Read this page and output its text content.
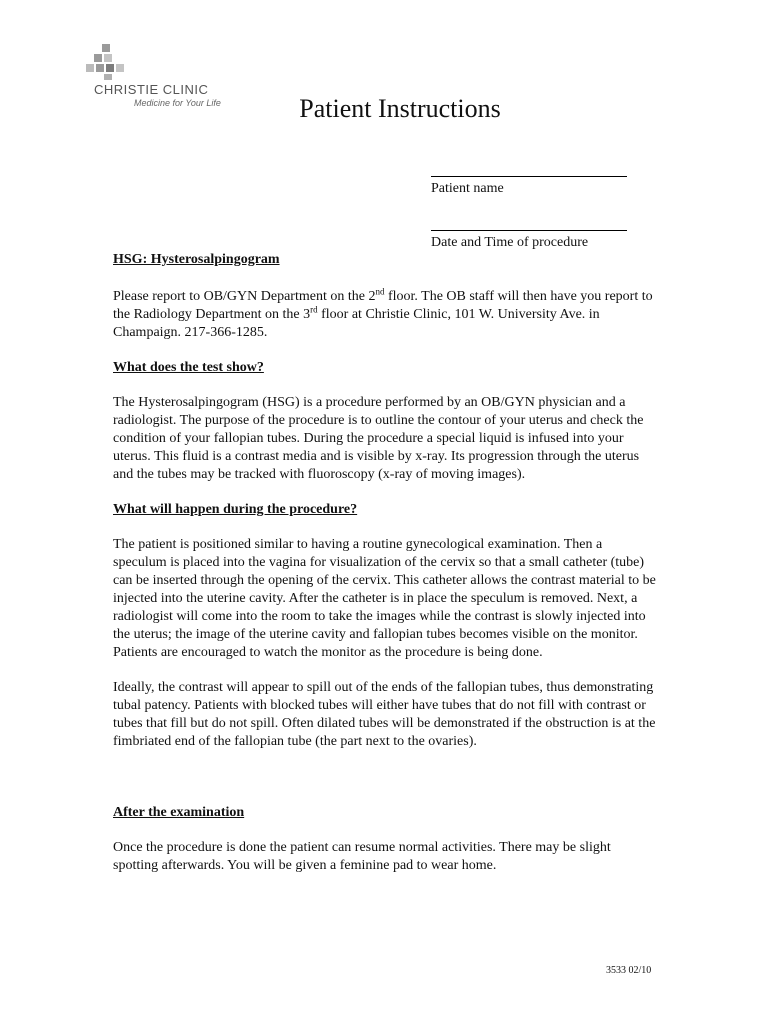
CHRISTIE CLINIC
Medicine for Your Life	Patient Instructions
Patient name
Date and Time of procedure
HSG: Hysterosalpingogram

Please report to OB/GYN Department on the 2nd floor. The OB staff will then have you report to the Radiology Department on the 3rd floor at Christie Clinic, 101 W. University Ave. in Champaign. 217-366-1285.

What does the test show?

The Hysterosalpingogram (HSG) is a procedure performed by an OB/GYN physician and a radiologist. The purpose of the procedure is to outline the contour of your uterus and check the condition of your fallopian tubes. During the procedure a special liquid is infused into your uterus. This fluid is a contrast media and is visible by x-ray. Its progression through the uterus and the tubes may be tracked with fluoroscopy (x-ray of moving images).

What will happen during the procedure?

The patient is positioned similar to having a routine gynecological examination. Then a speculum is placed into the vagina for visualization of the cervix so that a small catheter (tube) can be inserted through the opening of the cervix. This catheter allows the contrast material to be injected into the uterine cavity. After the catheter is in place the speculum is removed. Next, a radiologist will come into the room to take the images while the contrast is slowly injected into the uterus; the image of the uterine cavity and fallopian tubes becomes visible on the monitor. Patients are encouraged to watch the monitor as the procedure is being done.

Ideally, the contrast will appear to spill out of the ends of the fallopian tubes, thus demonstrating tubal patency. Patients with blocked tubes will either have tubes that do not fill with contrast or tubes that fill but do not spill. Often dilated tubes will be demonstrated if the obstruction is at the fimbriated end of the fallopian tube (the part next to the ovaries).

After the examination

Once the procedure is done the patient can resume normal activities. There may be slight spotting afterwards. You will be given a feminine pad to wear home.

3533 02/10
